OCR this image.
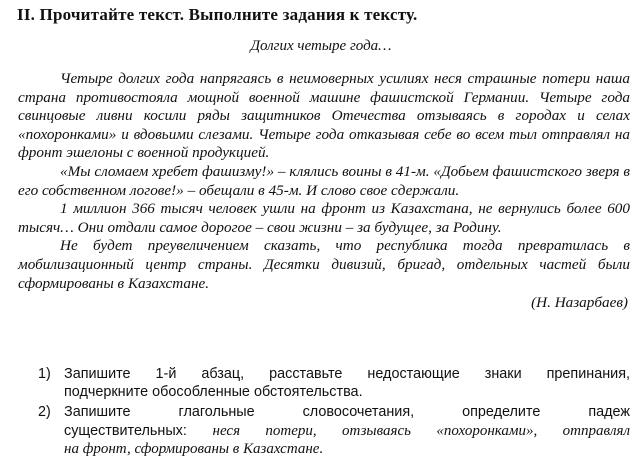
II. Прочитайте текст. Выполните задания к тексту.
Долгих четыре года…

Четыре долгих года напрягаясь в неимоверных усилиях неся страшные потери наша страна противостояла мощной военной машине фашистской Германии. Четыре года свинцовые ливни косили ряды защитников Отечества отзываясь в городах и селах «похоронками» и вдовьими слезами. Четыре года отказывая себе во всем тыл отправлял на фронт эшелоны с военной продукцией.

«Мы сломаем хребет фашизму!» – клялись воины в 41-м. «Добьем фашистского зверя в его собственном логове!» – обещали в 45-м. И слово свое сдержали.

1 миллион 366 тысяч человек ушли на фронт из Казахстана, не вернулись более 600 тысяч… Они отдали самое дорогое – свои жизни – за будущее, за Родину.

Не будет преувеличением сказать, что республика тогда превратилась в мобилизационный центр страны. Десятки дивизий, бригад, отдельных частей были сформированы в Казахстане.

(Н. Назарбаев)
1) Запишите 1-й абзац, расставьте недостающие знаки препинания,
подчеркните обособленные обстоятельства.
2) Запишите глагольные словосочетания, определите падеж
существительных: неся потери, отзываясь «похоронками», отправлял
на фронт, сформированы в Казахстане.
